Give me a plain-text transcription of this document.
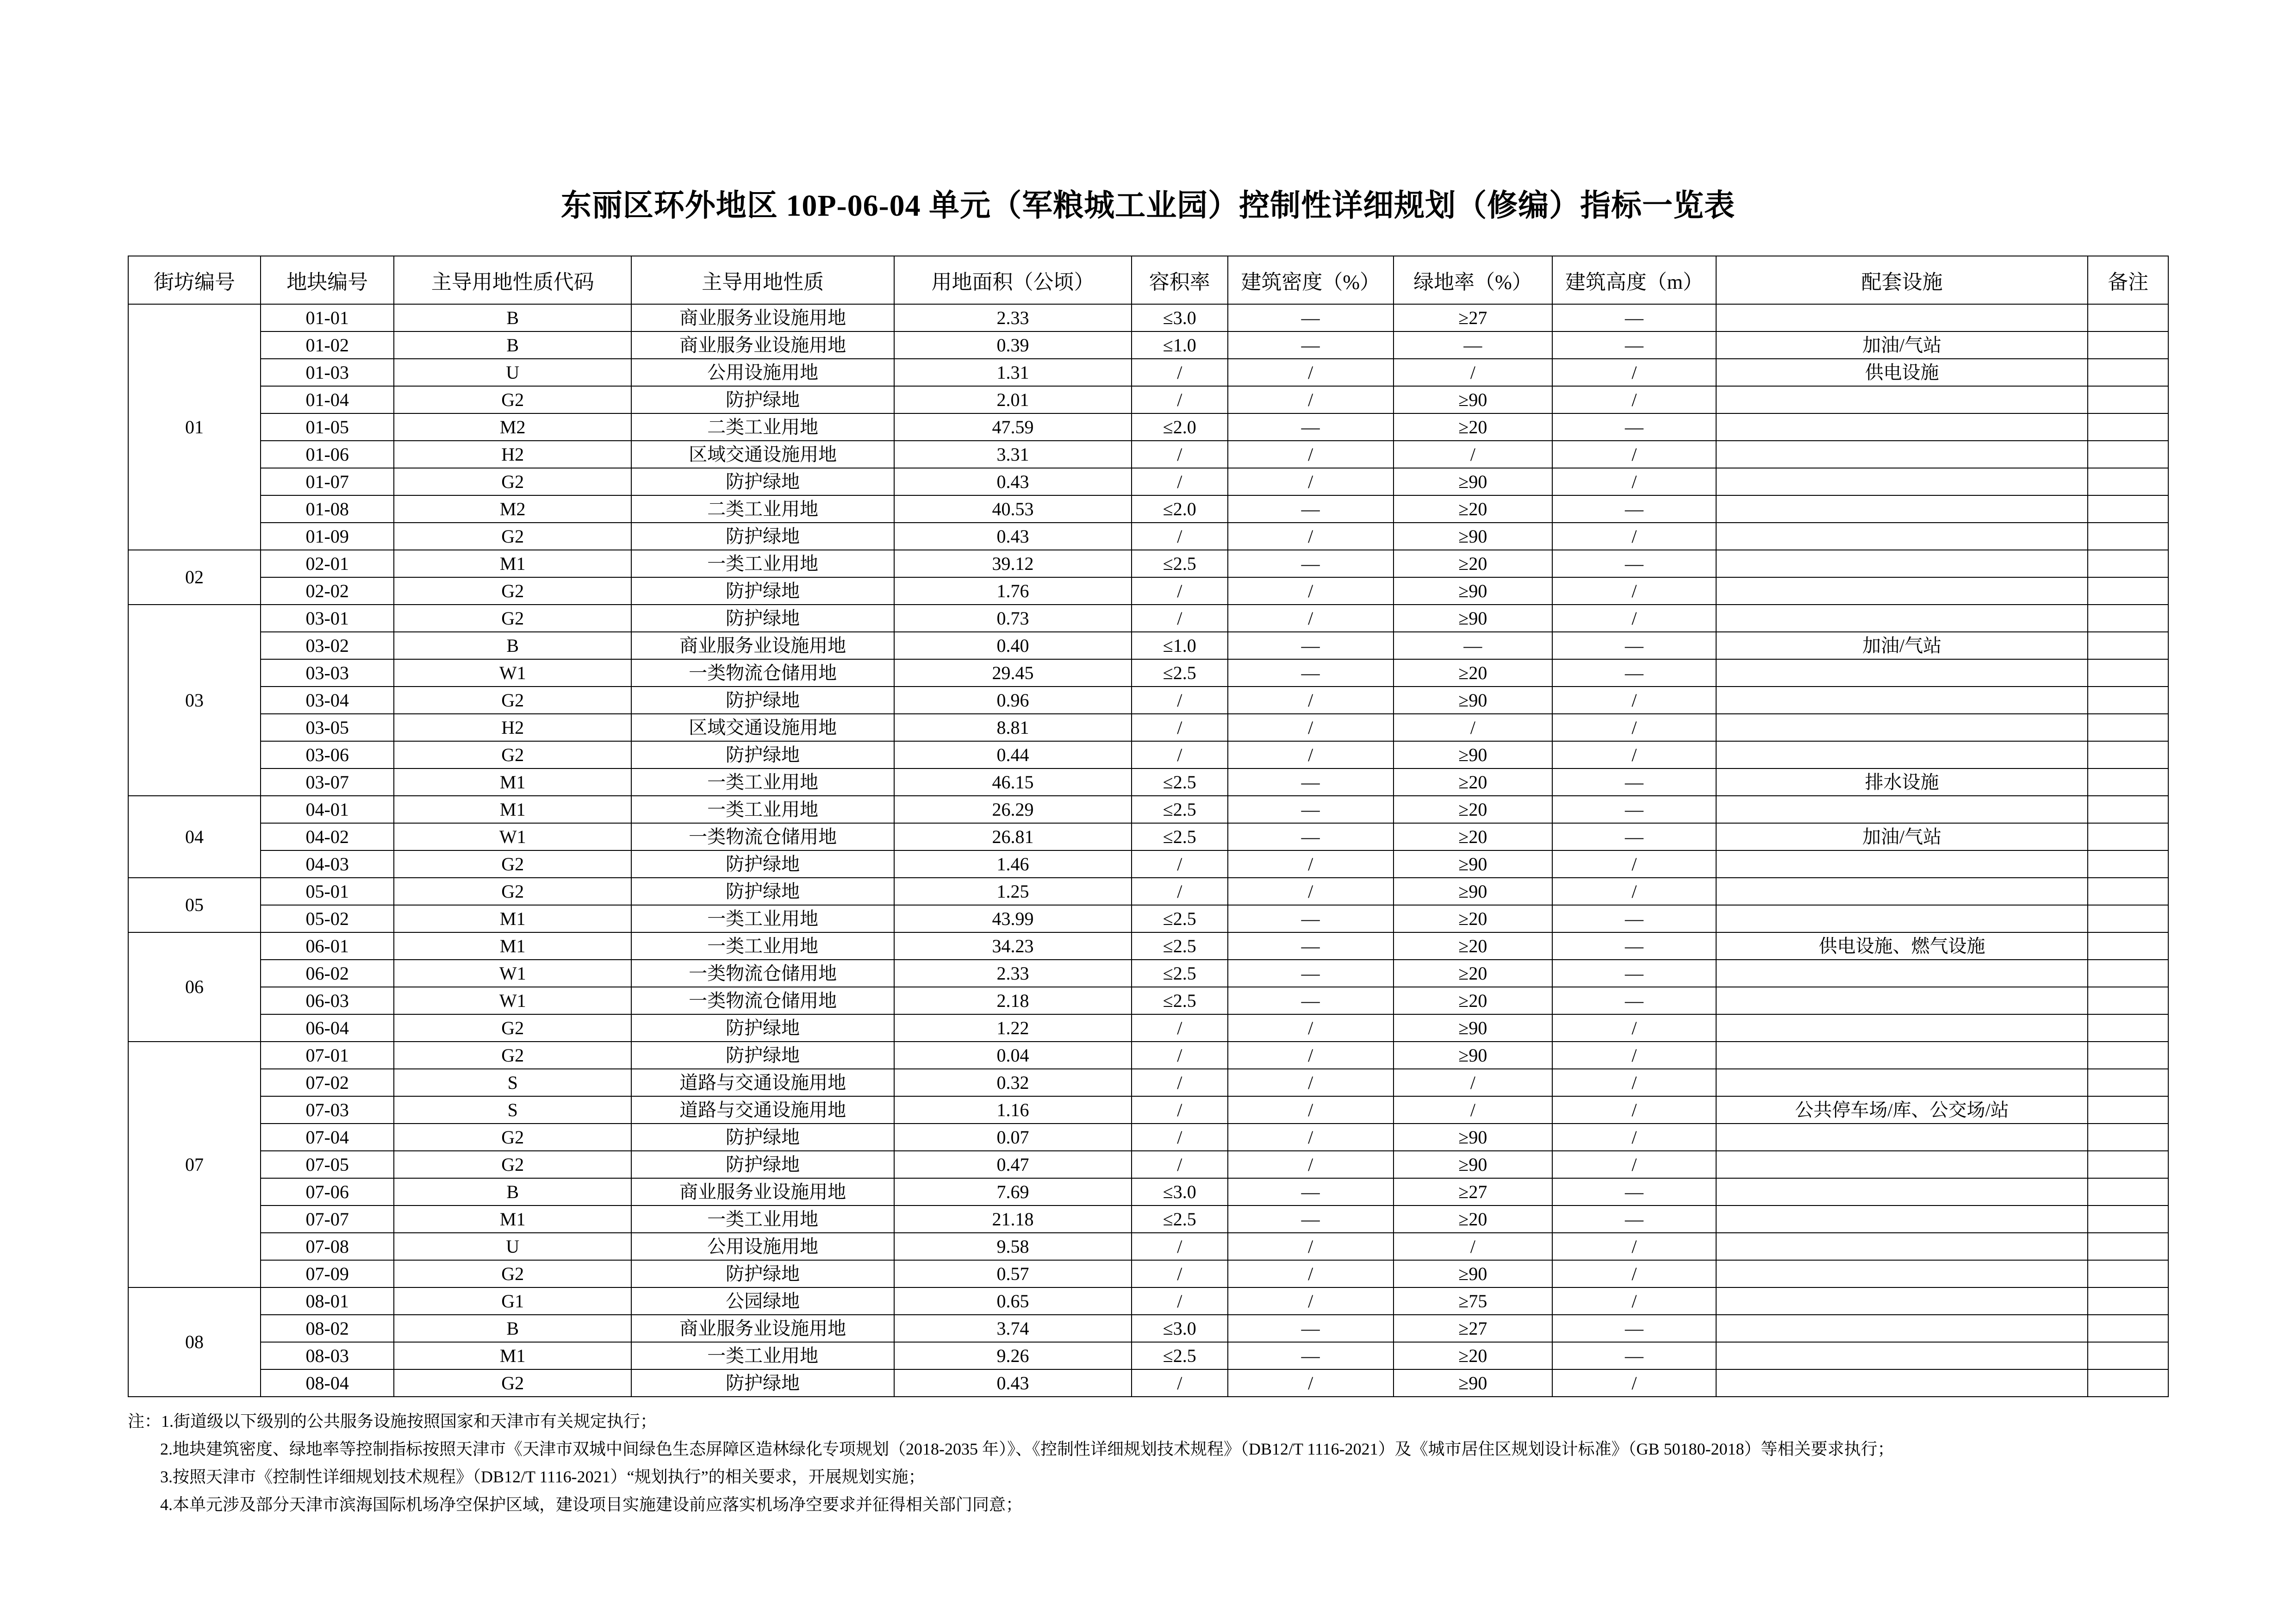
东丽区环外地区 10P-06-04 单元（军粮城工业园）控制性详细规划（修编）指标一览表
街坊编号	地块编号	主导用地性质代码	主导用地性质	用地面积（公顷）	容积率	建筑密度（%）	绿地率（%）	建筑高度（m）	配套设施	备注
01	01-01	B	商业服务业设施用地	2.33	≤3.0	—	≥27	—		
	01-02	B	商业服务业设施用地	0.39	≤1.0	—	—	—	加油/气站	
	01-03	U	公用设施用地	1.31	/	/	/	/	供电设施	
	01-04	G2	防护绿地	2.01	/	/	≥90	/		
	01-05	M2	二类工业用地	47.59	≤2.0	—	≥20	—		
	01-06	H2	区域交通设施用地	3.31	/	/	/	/		
	01-07	G2	防护绿地	0.43	/	/	≥90	/		
	01-08	M2	二类工业用地	40.53	≤2.0	—	≥20	—		
	01-09	G2	防护绿地	0.43	/	/	≥90	/		
02	02-01	M1	一类工业用地	39.12	≤2.5	—	≥20	—		
	02-02	G2	防护绿地	1.76	/	/	≥90	/		
03	03-01	G2	防护绿地	0.73	/	/	≥90	/		
	03-02	B	商业服务业设施用地	0.40	≤1.0	—	—	—	加油/气站	
	03-03	W1	一类物流仓储用地	29.45	≤2.5	—	≥20	—		
	03-04	G2	防护绿地	0.96	/	/	≥90	/		
	03-05	H2	区域交通设施用地	8.81	/	/	/	/		
	03-06	G2	防护绿地	0.44	/	/	≥90	/		
	03-07	M1	一类工业用地	46.15	≤2.5	—	≥20	—	排水设施	
04	04-01	M1	一类工业用地	26.29	≤2.5	—	≥20	—		
	04-02	W1	一类物流仓储用地	26.81	≤2.5	—	≥20	—	加油/气站	
	04-03	G2	防护绿地	1.46	/	/	≥90	/		
05	05-01	G2	防护绿地	1.25	/	/	≥90	/		
	05-02	M1	一类工业用地	43.99	≤2.5	—	≥20	—		
06	06-01	M1	一类工业用地	34.23	≤2.5	—	≥20	—	供电设施、燃气设施	
	06-02	W1	一类物流仓储用地	2.33	≤2.5	—	≥20	—		
	06-03	W1	一类物流仓储用地	2.18	≤2.5	—	≥20	—		
	06-04	G2	防护绿地	1.22	/	/	≥90	/		
07	07-01	G2	防护绿地	0.04	/	/	≥90	/		
	07-02	S	道路与交通设施用地	0.32	/	/	/	/		
	07-03	S	道路与交通设施用地	1.16	/	/	/	/	公共停车场/库、公交场/站	
	07-04	G2	防护绿地	0.07	/	/	≥90	/		
	07-05	G2	防护绿地	0.47	/	/	≥90	/		
	07-06	B	商业服务业设施用地	7.69	≤3.0	—	≥27	—		
	07-07	M1	一类工业用地	21.18	≤2.5	—	≥20	—		
	07-08	U	公用设施用地	9.58	/	/	/	/		
	07-09	G2	防护绿地	0.57	/	/	≥90	/		
08	08-01	G1	公园绿地	0.65	/	/	≥75	/		
	08-02	B	商业服务业设施用地	3.74	≤3.0	—	≥27	—		
	08-03	M1	一类工业用地	9.26	≤2.5	—	≥20	—		
	08-04	G2	防护绿地	0.43	/	/	≥90	/		
注：1.街道级以下级别的公共服务设施按照国家和天津市有关规定执行；
2.地块建筑密度、绿地率等控制指标按照天津市《天津市双城中间绿色生态屏障区造林绿化专项规划（2018-2035 年）》、《控制性详细规划技术规程》（DB12/T 1116-2021）及《城市居住区规划设计标准》（GB 50180-2018）等相关要求执行；
3.按照天津市《控制性详细规划技术规程》（DB12/T 1116-2021）“规划执行”的相关要求，开展规划实施；
4.本单元涉及部分天津市滨海国际机场净空保护区域，建设项目实施建设前应落实机场净空要求并征得相关部门同意；
